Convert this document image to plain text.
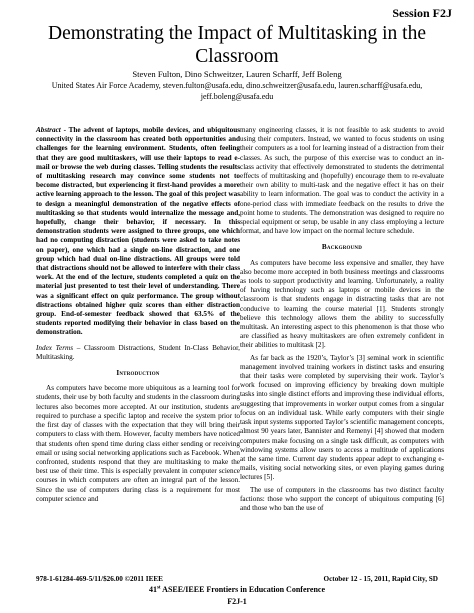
Session F2J
Demonstrating the Impact of Multitasking in the Classroom
Steven Fulton, Dino Schweitzer, Lauren Scharff, Jeff Boleng
United States Air Force Academy, steven.fulton@usafa.edu, dino.schweitzer@usafa.edu, lauren.scharff@usafa.edu, jeff.boleng@usafa.edu

Abstract - The advent of laptops, mobile devices, and ubiquitous connectivity in the classroom has created both opportunities and challenges for the learning environment. Students, often feeling that they are good multitaskers, will use their laptops to read e-mail or browse the web during classes. Telling students the results of multitasking research may convince some students not to become distracted, but experiencing it first-hand provides a more active learning approach to the lesson. The goal of this project was to design a meaningful demonstration of the negative effects of multitasking so that students would internalize the message and, hopefully, change their behavior, if necessary. In this demonstration students were assigned to three groups, one which had no computing distraction (students were asked to take notes on paper), one which had a single on-line distraction, and one group which had dual on-line distractions. All groups were told that distractions should not be allowed to interfere with their class work. At the end of the lecture, students completed a quiz on the material just presented to test their level of understanding. There was a significant effect on quiz performance. The group without distractions obtained higher quiz scores than either distraction group. End-of-semester feedback showed that 63.5% of the students reported modifying their behavior in class based on the demonstration.

Index Terms – Classroom Distractions, Student In-Class Behavior, Multitasking.

Introduction

As computers have become more ubiquitous as a learning tool for students, their use by both faculty and students in the classroom during lectures also becomes more accepted. At our institution, students are required to purchase a specific laptop and receive the system prior to the first day of classes with the expectation that they will bring their computers to class with them. However, faculty members have noticed that students often spend time during class either sending or receiving email or using social networking applications such as Facebook. When confronted, students respond that they are multitasking to make the best use of their time. This is especially prevalent in computer science courses in which computers are often an integral part of the lesson. Since the use of computers during class is a requirement for most computer science and

many engineering classes, it is not feasible to ask students to avoid using their computers. Instead, we wanted to focus students on using their computers as a tool for learning instead of a distraction from their classes. As such, the purpose of this exercise was to conduct an in-class activity that effectively demonstrated to students the detrimental effects of multitasking and (hopefully) encourage them to re-evaluate their own ability to multi-task and the negative effect it has on their ability to learn information. The goal was to conduct the activity in a one-period class with immediate feedback on the results to drive the point home to students. The demonstration was designed to require no special equipment or setup, be usable in any class employing a lecture format, and have low impact on the normal lecture schedule.

Background

As computers have become less expensive and smaller, they have also become more accepted in both business meetings and classrooms as tools to support productivity and learning. Unfortunately, a reality of having technology such as laptops or mobile devices in the classroom is that students engage in distracting tasks that are not conducive to learning the course material [1]. Students strongly believe this technology allows them the ability to successfully multitask. An interesting aspect to this phenomenon is that those who are classified as heavy multitaskers are often extremely confident in their abilities to multitask [2].

As far back as the 1920’s, Taylor’s [3] seminal work in scientific management involved training workers in distinct tasks and ensuring that their tasks were completed by supervising their work. Taylor’s work focused on improving efficiency by breaking down multiple tasks into single distinct efforts and improving these individual efforts, suggesting that improvements in worker output comes from a singular focus on an individual task. While early computers with their single task input systems supported Taylor’s scientific management concepts, almost 90 years later, Bannister and Remenyi [4] showed that modern computers make focusing on a single task difficult, as computers with windowing systems allow users to access a multitude of applications at the same time. Current day students appear adept to exchanging e-mails, visiting social networking sites, or even playing games during lectures [5].

The use of computers in the classrooms has two distinct faculty factions: those who support the concept of ubiquitous computing [6] and those who ban the use of

978-1-61284-469-5/11/$26.00 ©2011 IEEE	October 12 - 15, 2011, Rapid City, SD
41st ASEE/IEEE Frontiers in Education Conference
F2J-1
